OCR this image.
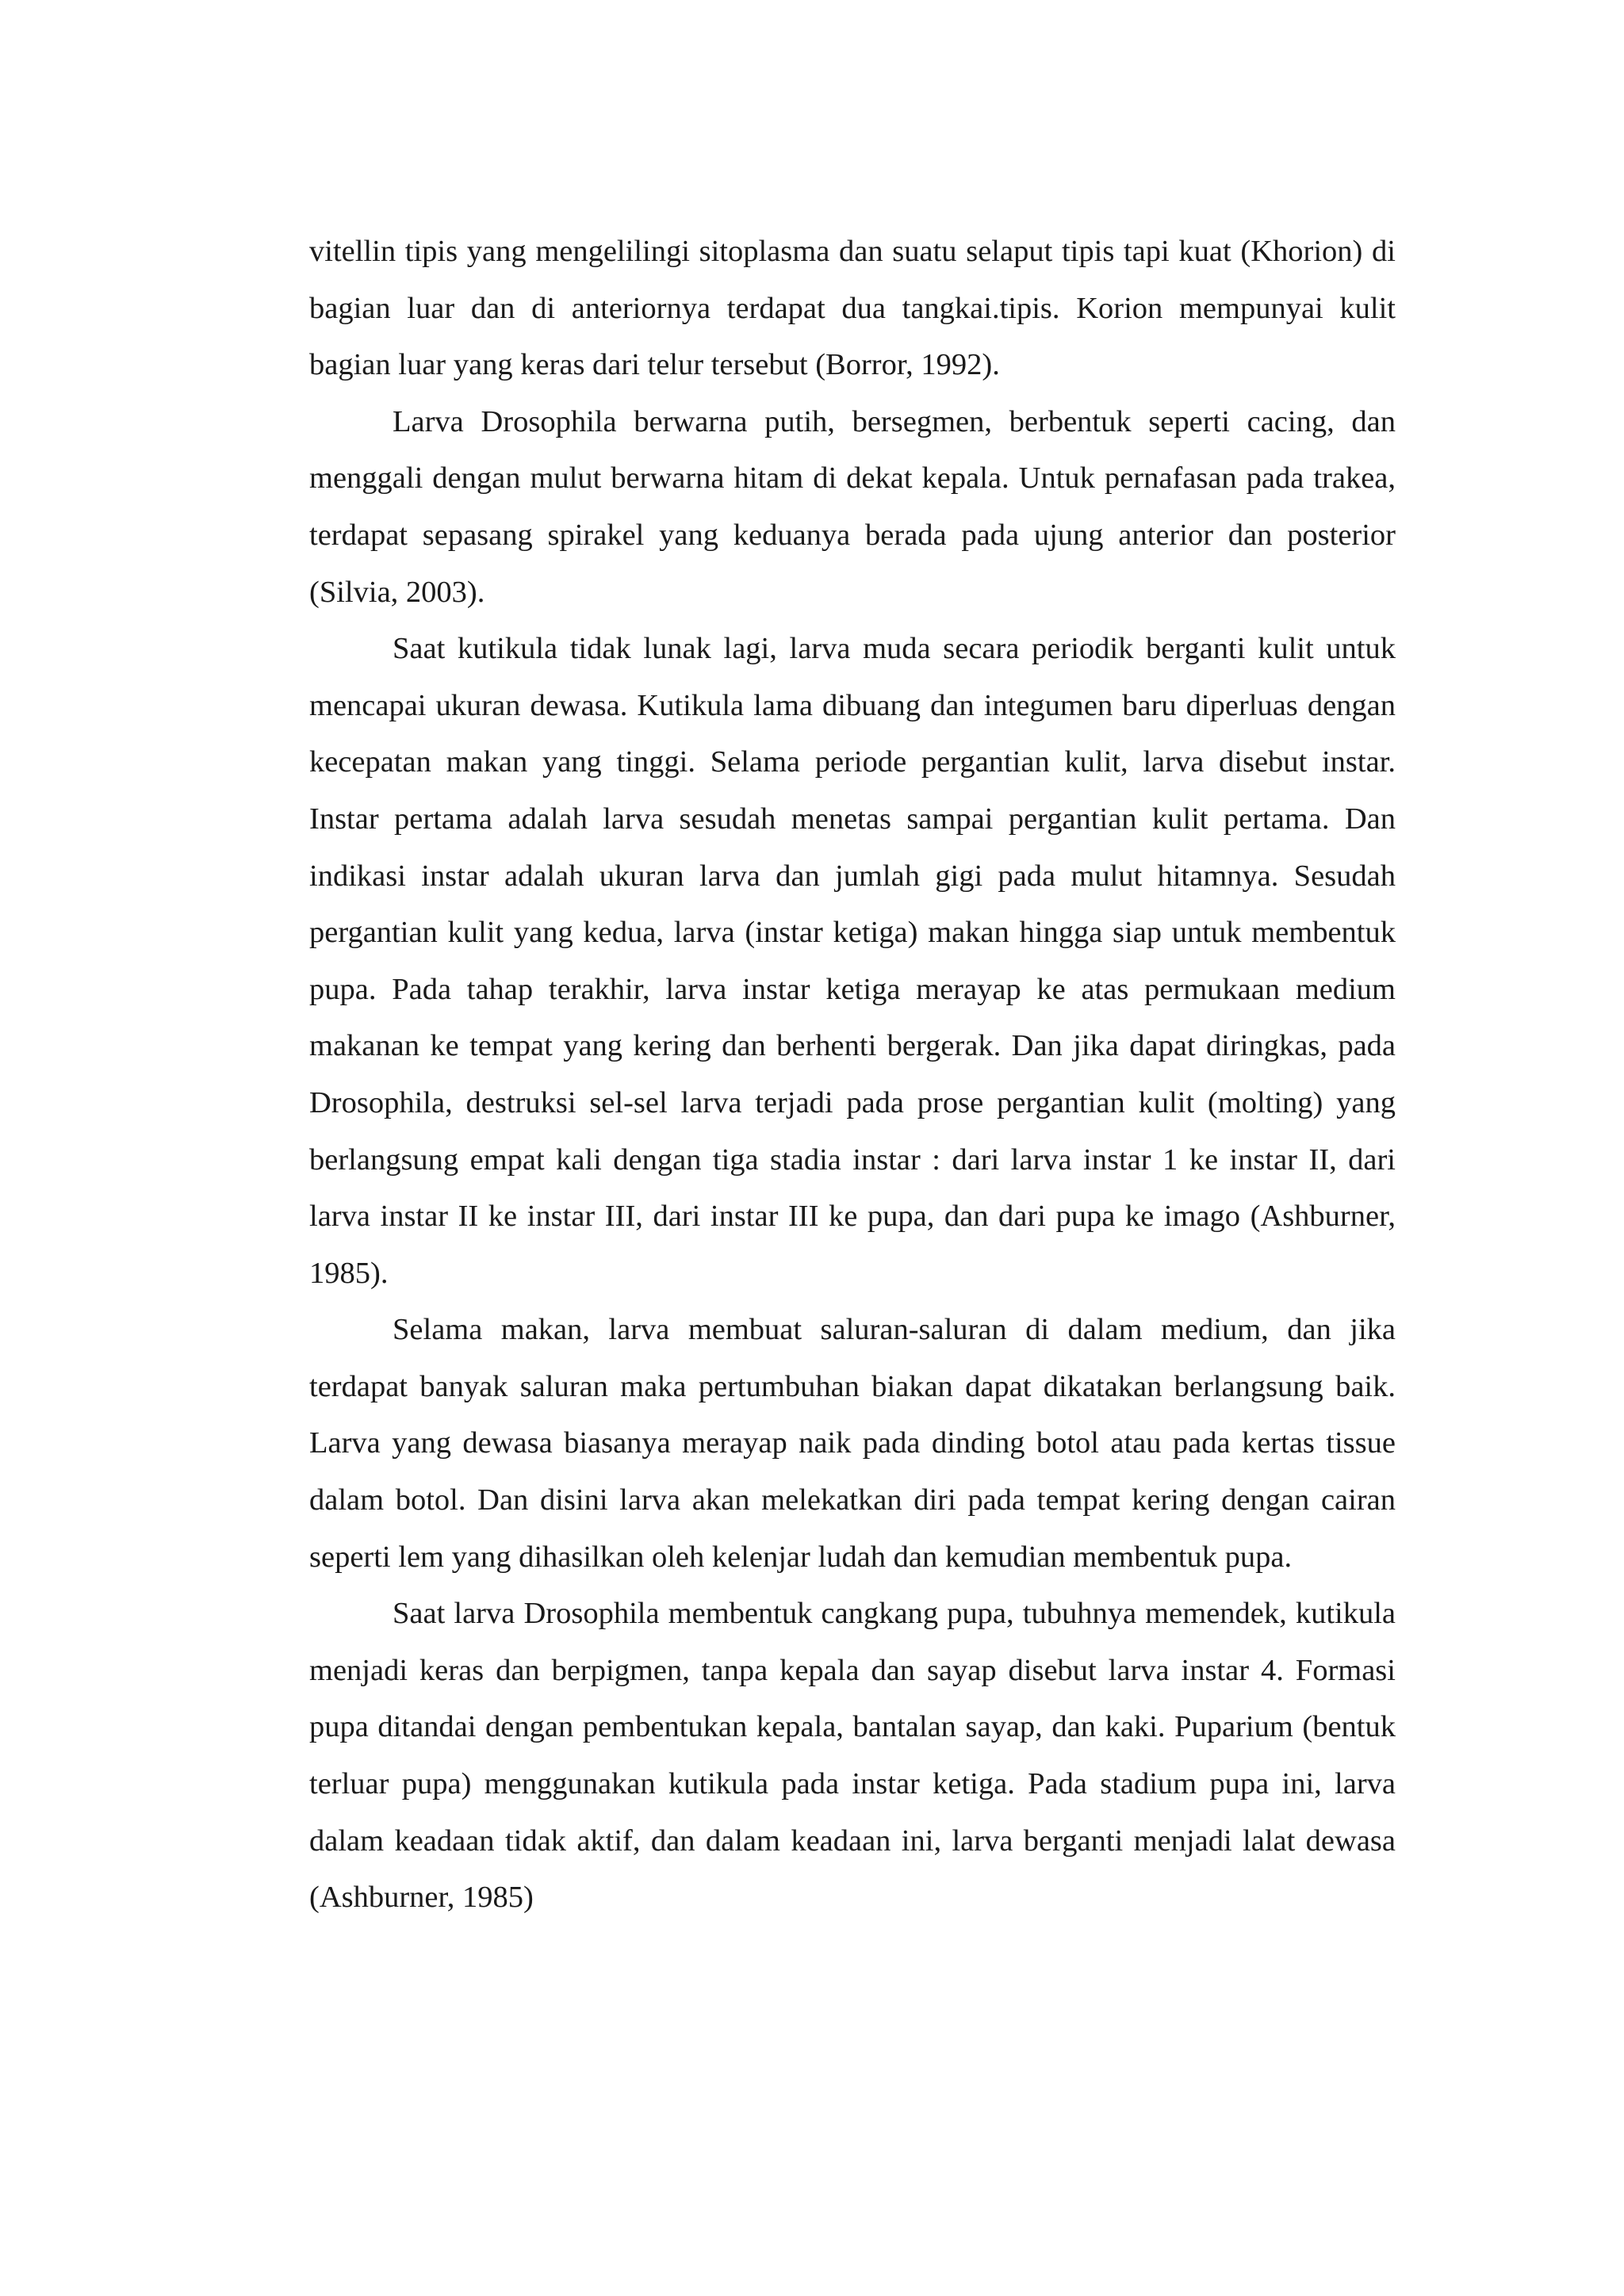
vitellin tipis yang mengelilingi sitoplasma dan suatu selaput tipis tapi kuat (Khorion) di bagian luar dan di anteriornya terdapat dua tangkai.tipis. Korion mempunyai kulit bagian luar yang keras dari telur tersebut (Borror, 1992).

Larva Drosophila berwarna putih, bersegmen, berbentuk seperti cacing, dan menggali dengan mulut berwarna hitam di dekat kepala. Untuk pernafasan pada trakea, terdapat sepasang spirakel yang keduanya berada pada ujung anterior dan posterior (Silvia, 2003).

Saat kutikula tidak lunak lagi, larva muda secara periodik berganti kulit untuk mencapai ukuran dewasa. Kutikula lama dibuang dan integumen baru diperluas dengan kecepatan makan yang tinggi. Selama periode pergantian kulit, larva disebut instar. Instar pertama adalah larva sesudah menetas sampai pergantian kulit pertama. Dan indikasi instar adalah ukuran larva dan jumlah gigi pada mulut hitamnya. Sesudah pergantian kulit yang kedua, larva (instar ketiga) makan hingga siap untuk membentuk pupa. Pada tahap terakhir, larva instar ketiga merayap ke atas permukaan medium makanan ke tempat yang kering dan berhenti bergerak. Dan jika dapat diringkas, pada Drosophila, destruksi sel-sel larva terjadi pada prose pergantian kulit (molting) yang berlangsung empat kali dengan tiga stadia instar : dari larva instar 1 ke instar II, dari larva instar II ke instar III, dari instar III ke pupa, dan dari pupa ke imago (Ashburner, 1985).

Selama makan, larva membuat saluran-saluran di dalam medium, dan jika terdapat banyak saluran maka pertumbuhan biakan dapat dikatakan berlangsung baik. Larva yang dewasa biasanya merayap naik pada dinding botol atau pada kertas tissue dalam botol. Dan disini larva akan melekatkan diri pada tempat kering dengan cairan seperti lem yang dihasilkan oleh kelenjar ludah dan kemudian membentuk pupa.

Saat larva Drosophila membentuk cangkang pupa, tubuhnya memendek, kutikula menjadi keras dan berpigmen, tanpa kepala dan sayap disebut larva instar 4. Formasi pupa ditandai dengan pembentukan kepala, bantalan sayap, dan kaki. Puparium (bentuk terluar pupa) menggunakan kutikula pada instar ketiga. Pada stadium pupa ini, larva dalam keadaan tidak aktif, dan dalam keadaan ini, larva berganti menjadi lalat dewasa (Ashburner, 1985)
